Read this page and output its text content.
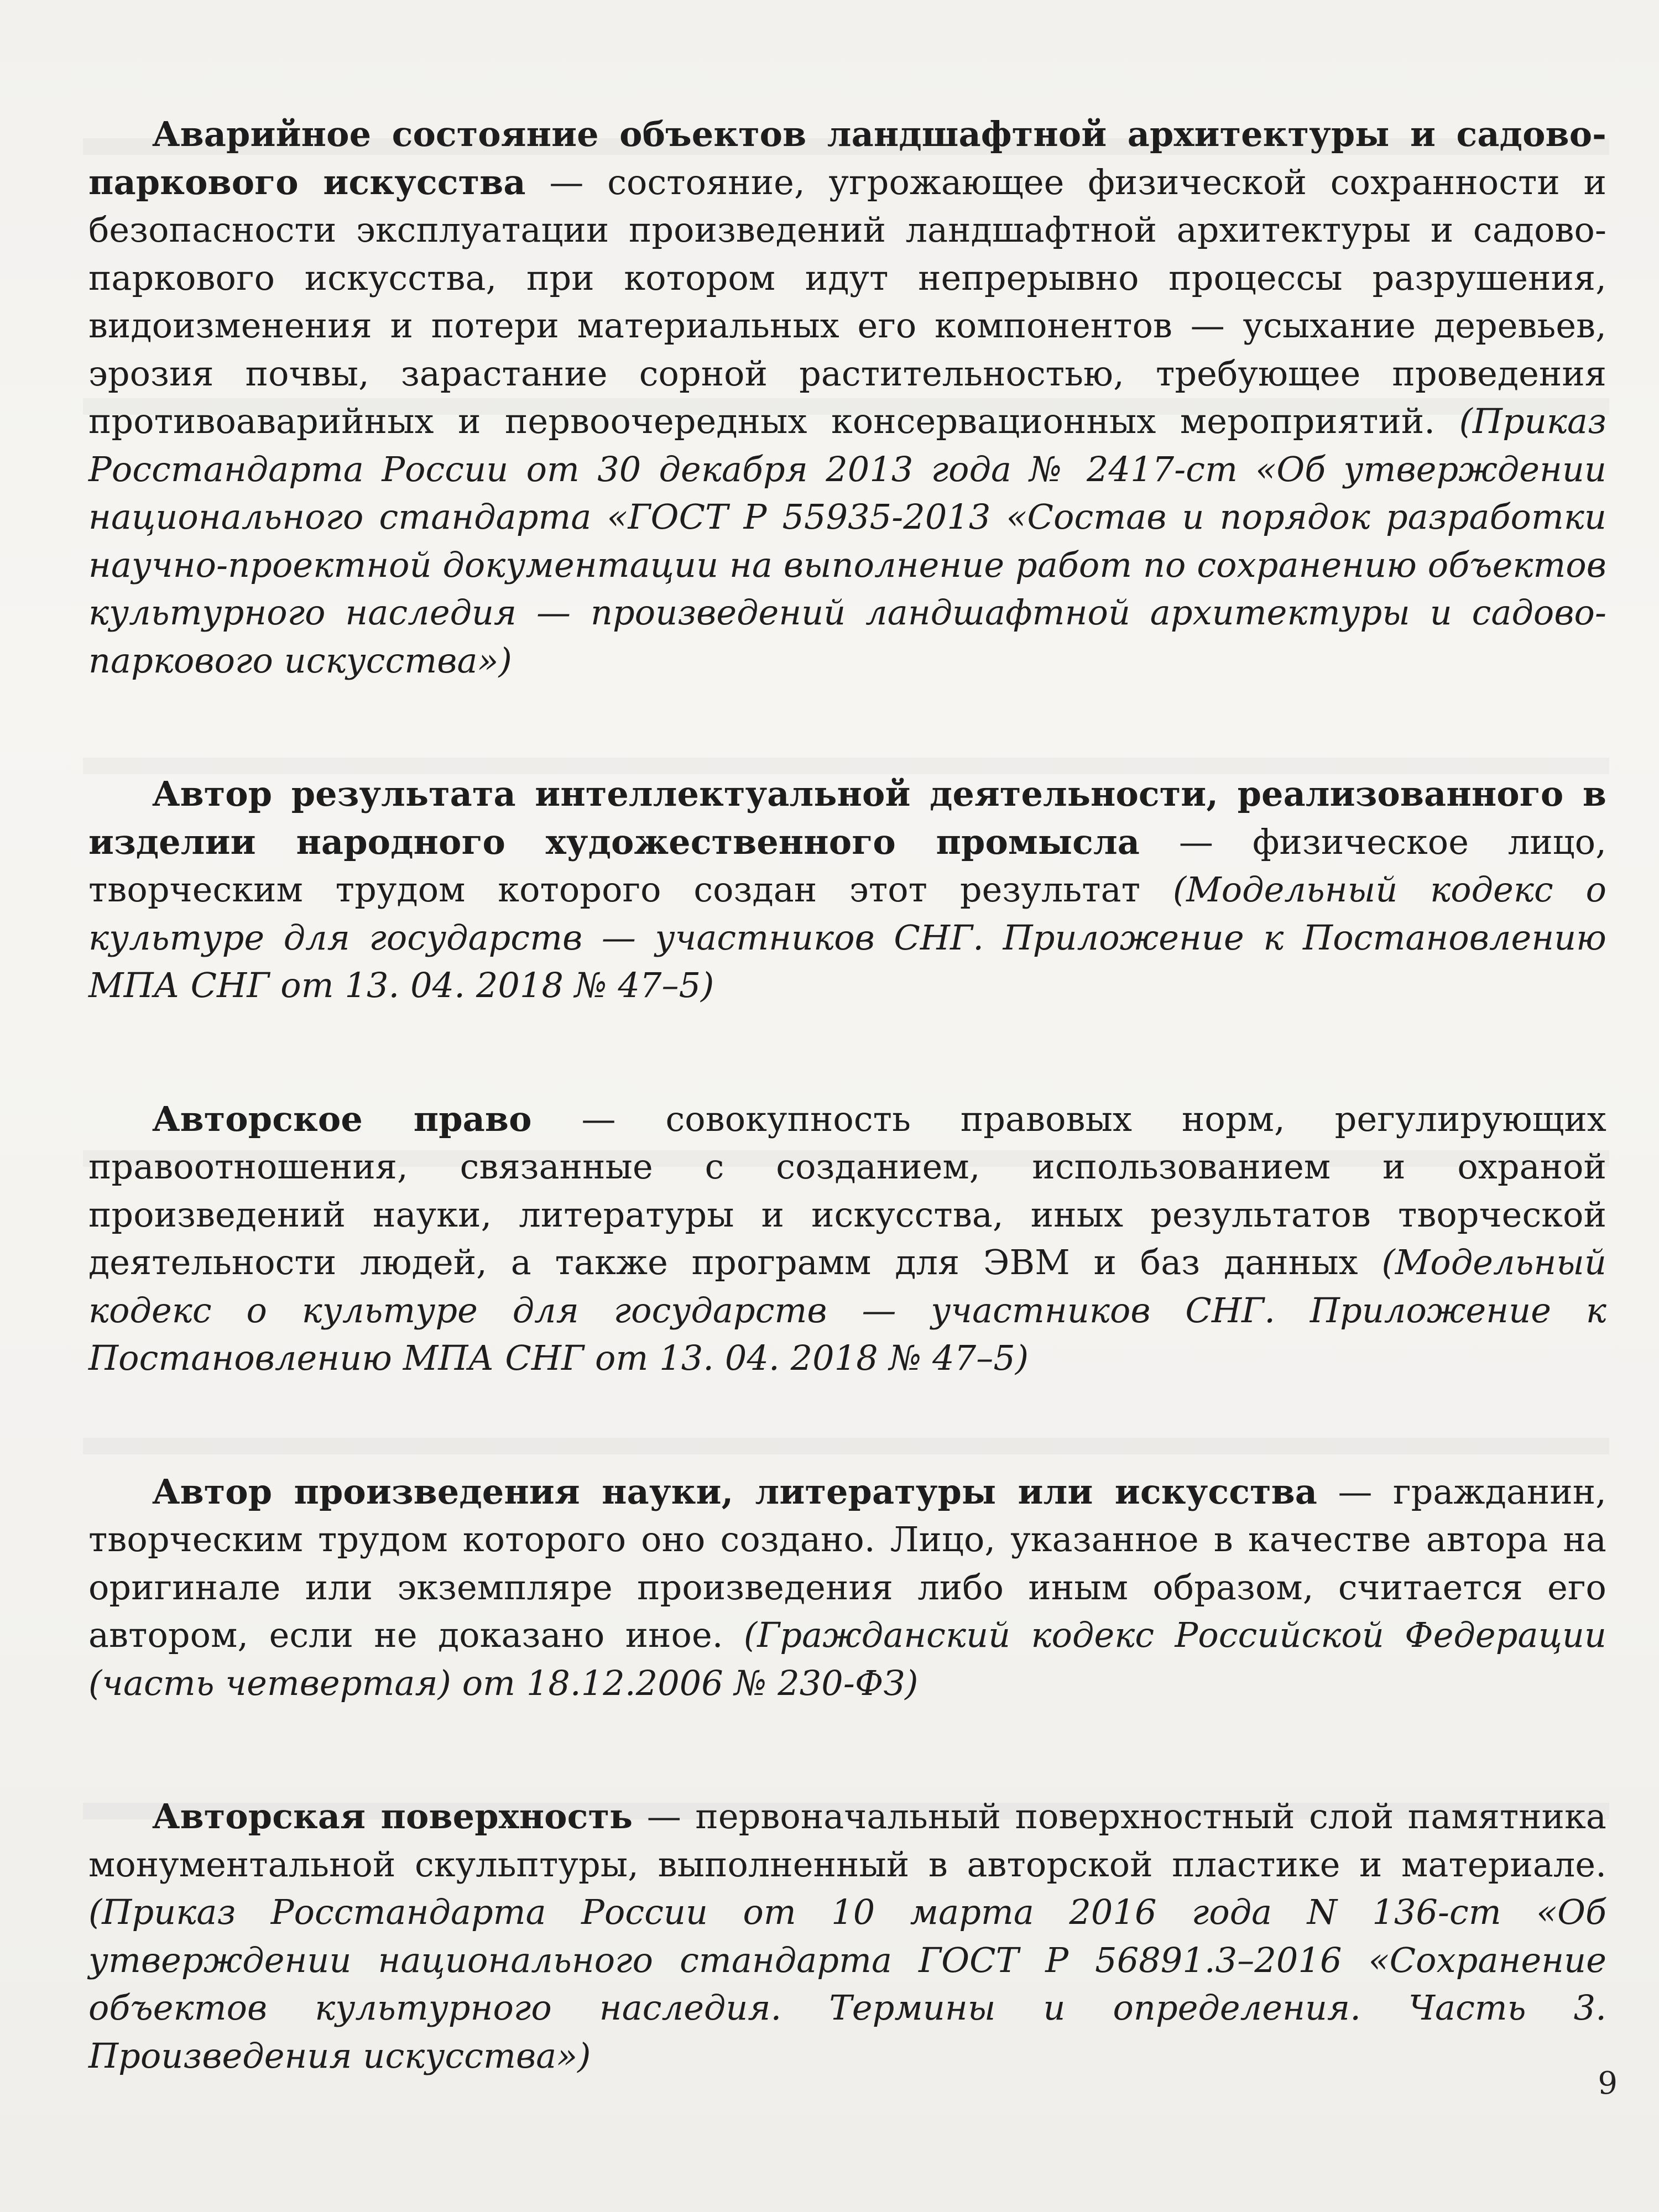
Аварийное состояние объектов ландшафтной архитектуры и садово-паркового искусства — состояние, угрожающее физической сохранности и безопасности эксплуатации произведений ландшафтной архитектуры и садово-паркового искусства, при котором идут непрерывно процессы разрушения, видоизменения и потери материальных его компонентов — усыхание деревьев, эрозия почвы, зарастание сорной растительностью, требующее проведения противоаварийных и первоочередных консервационных мероприятий. (Приказ Росстандарта России от 30 декабря 2013 года № 2417-ст «Об утверждении национального стандарта «ГОСТ Р 55935-2013 «Состав и порядок разработки научно-проектной документации на выполнение работ по сохранению объектов культурного наследия — произведений ландшафтной архитектуры и садово-паркового искусства»)

Автор результата интеллектуальной деятельности, реализованного в изделии народного художественного промысла — физическое лицо, творческим трудом которого создан этот результат (Модельный кодекс о культуре для государств — участников СНГ. Приложение к Постановлению МПА СНГ от 13. 04. 2018 № 47–5)

Авторское право — совокупность правовых норм, регулирующих правоотношения, связанные с созданием, использованием и охраной произведений науки, литературы и искусства, иных результатов творческой деятельности людей, а также программ для ЭВМ и баз данных (Модельный кодекс о культуре для государств — участников СНГ. Приложение к Постановлению МПА СНГ от 13. 04. 2018 № 47–5)

Автор произведения науки, литературы или искусства — гражданин, творческим трудом которого оно создано. Лицо, указанное в качестве автора на оригинале или экземпляре произведения либо иным образом, считается его автором, если не доказано иное. (Гражданский кодекс Российской Федерации (часть четвертая) от 18.12.2006 № 230-ФЗ)

Авторская поверхность — первоначальный поверхностный слой памятника монументальной скульптуры, выполненный в авторской пластике и материале. (Приказ Росстандарта России от 10 марта 2016 года N 136-ст «Об утверждении национального стандарта ГОСТ Р 56891.3–2016 «Сохранение объектов культурного наследия. Термины и определения. Часть 3. Произведения искусства»)

9
